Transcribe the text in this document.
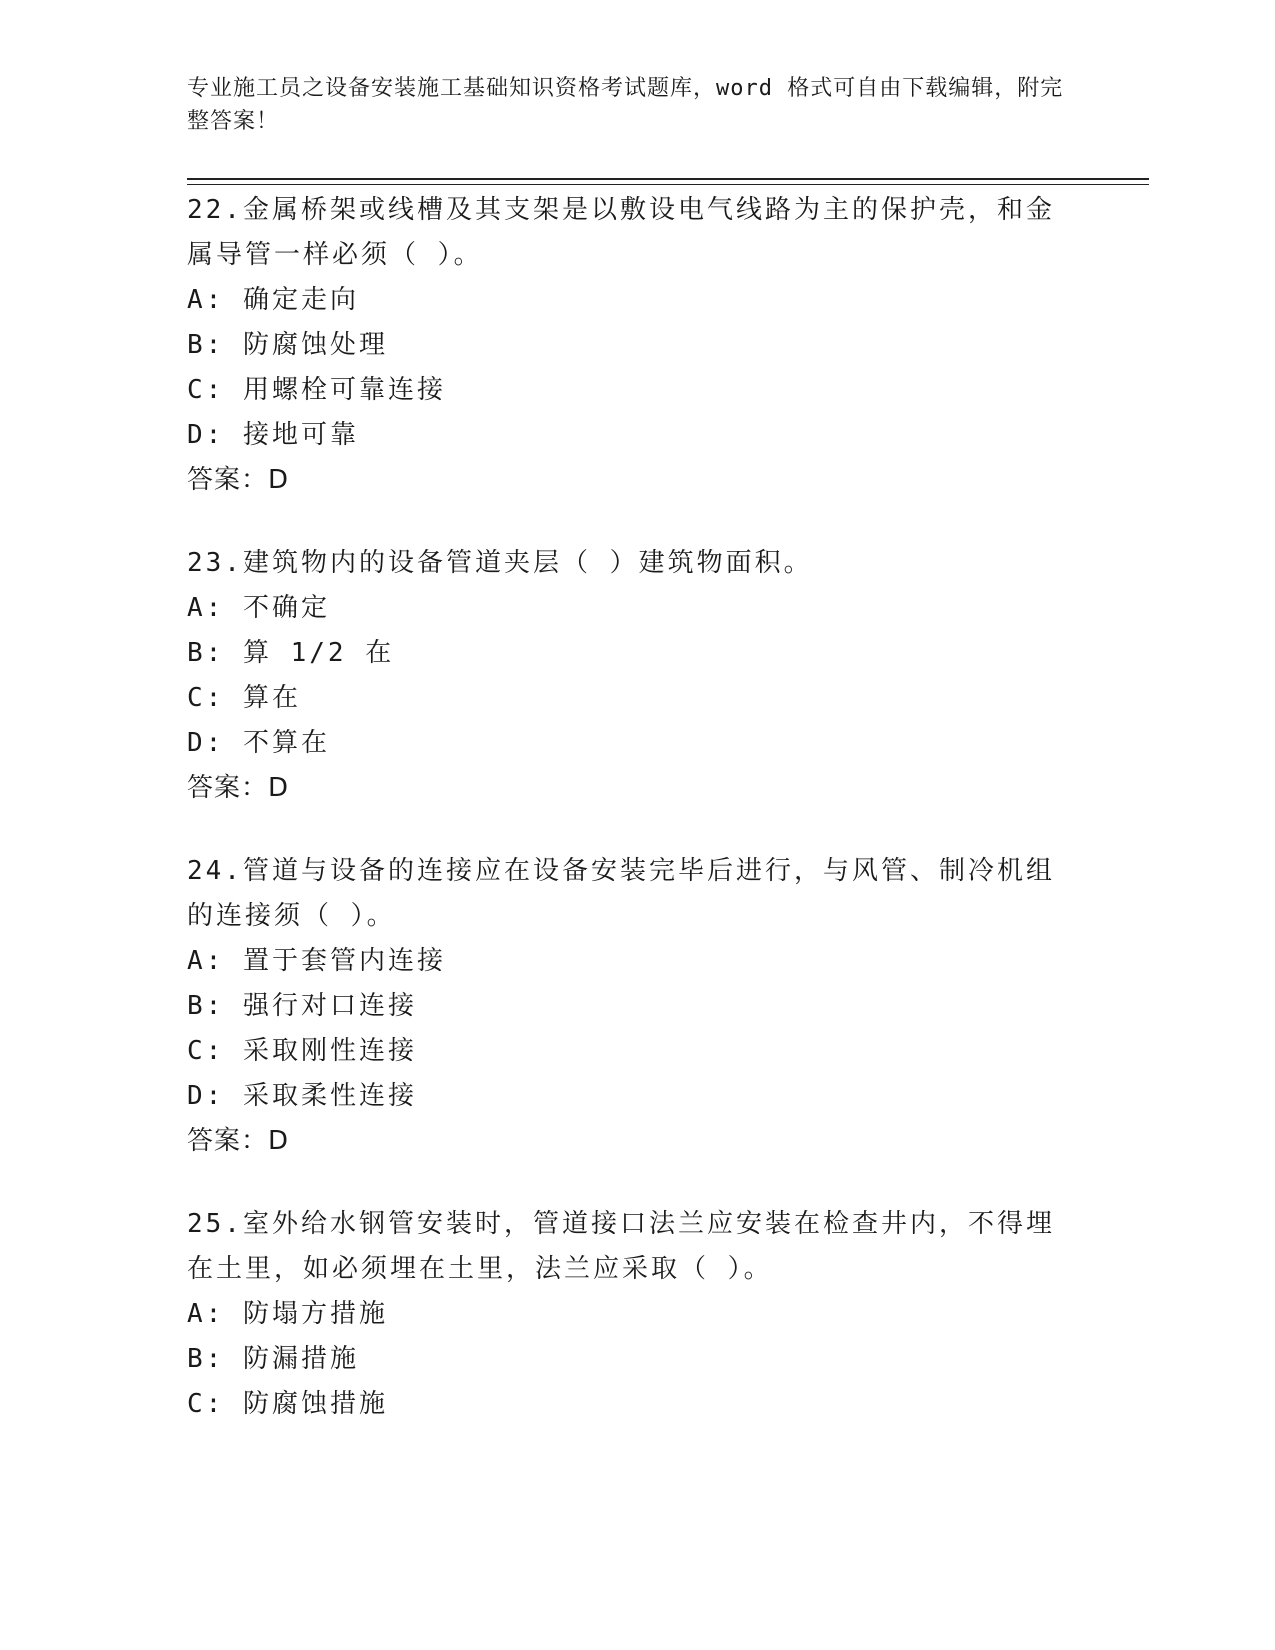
专业施工员之设备安装施工基础知识资格考试题库，word 格式可自由下载编辑，附完整答案！
22.金属桥架或线槽及其支架是以敷设电气线路为主的保护壳，和金属导管一样必须（ ）。
A: 确定走向
B: 防腐蚀处理
C: 用螺栓可靠连接
D: 接地可靠
答案：D
23.建筑物内的设备管道夹层（ ）建筑物面积。
A: 不确定
B: 算 1/2 在
C: 算在
D: 不算在
答案：D
24.管道与设备的连接应在设备安装完毕后进行，与风管、制冷机组的连接须（ ）。
A: 置于套管内连接
B: 强行对口连接
C: 采取刚性连接
D: 采取柔性连接
答案：D
25.室外给水钢管安装时，管道接口法兰应安装在检查井内，不得埋在土里，如必须埋在土里，法兰应采取（ ）。
A: 防塌方措施
B: 防漏措施
C: 防腐蚀措施
